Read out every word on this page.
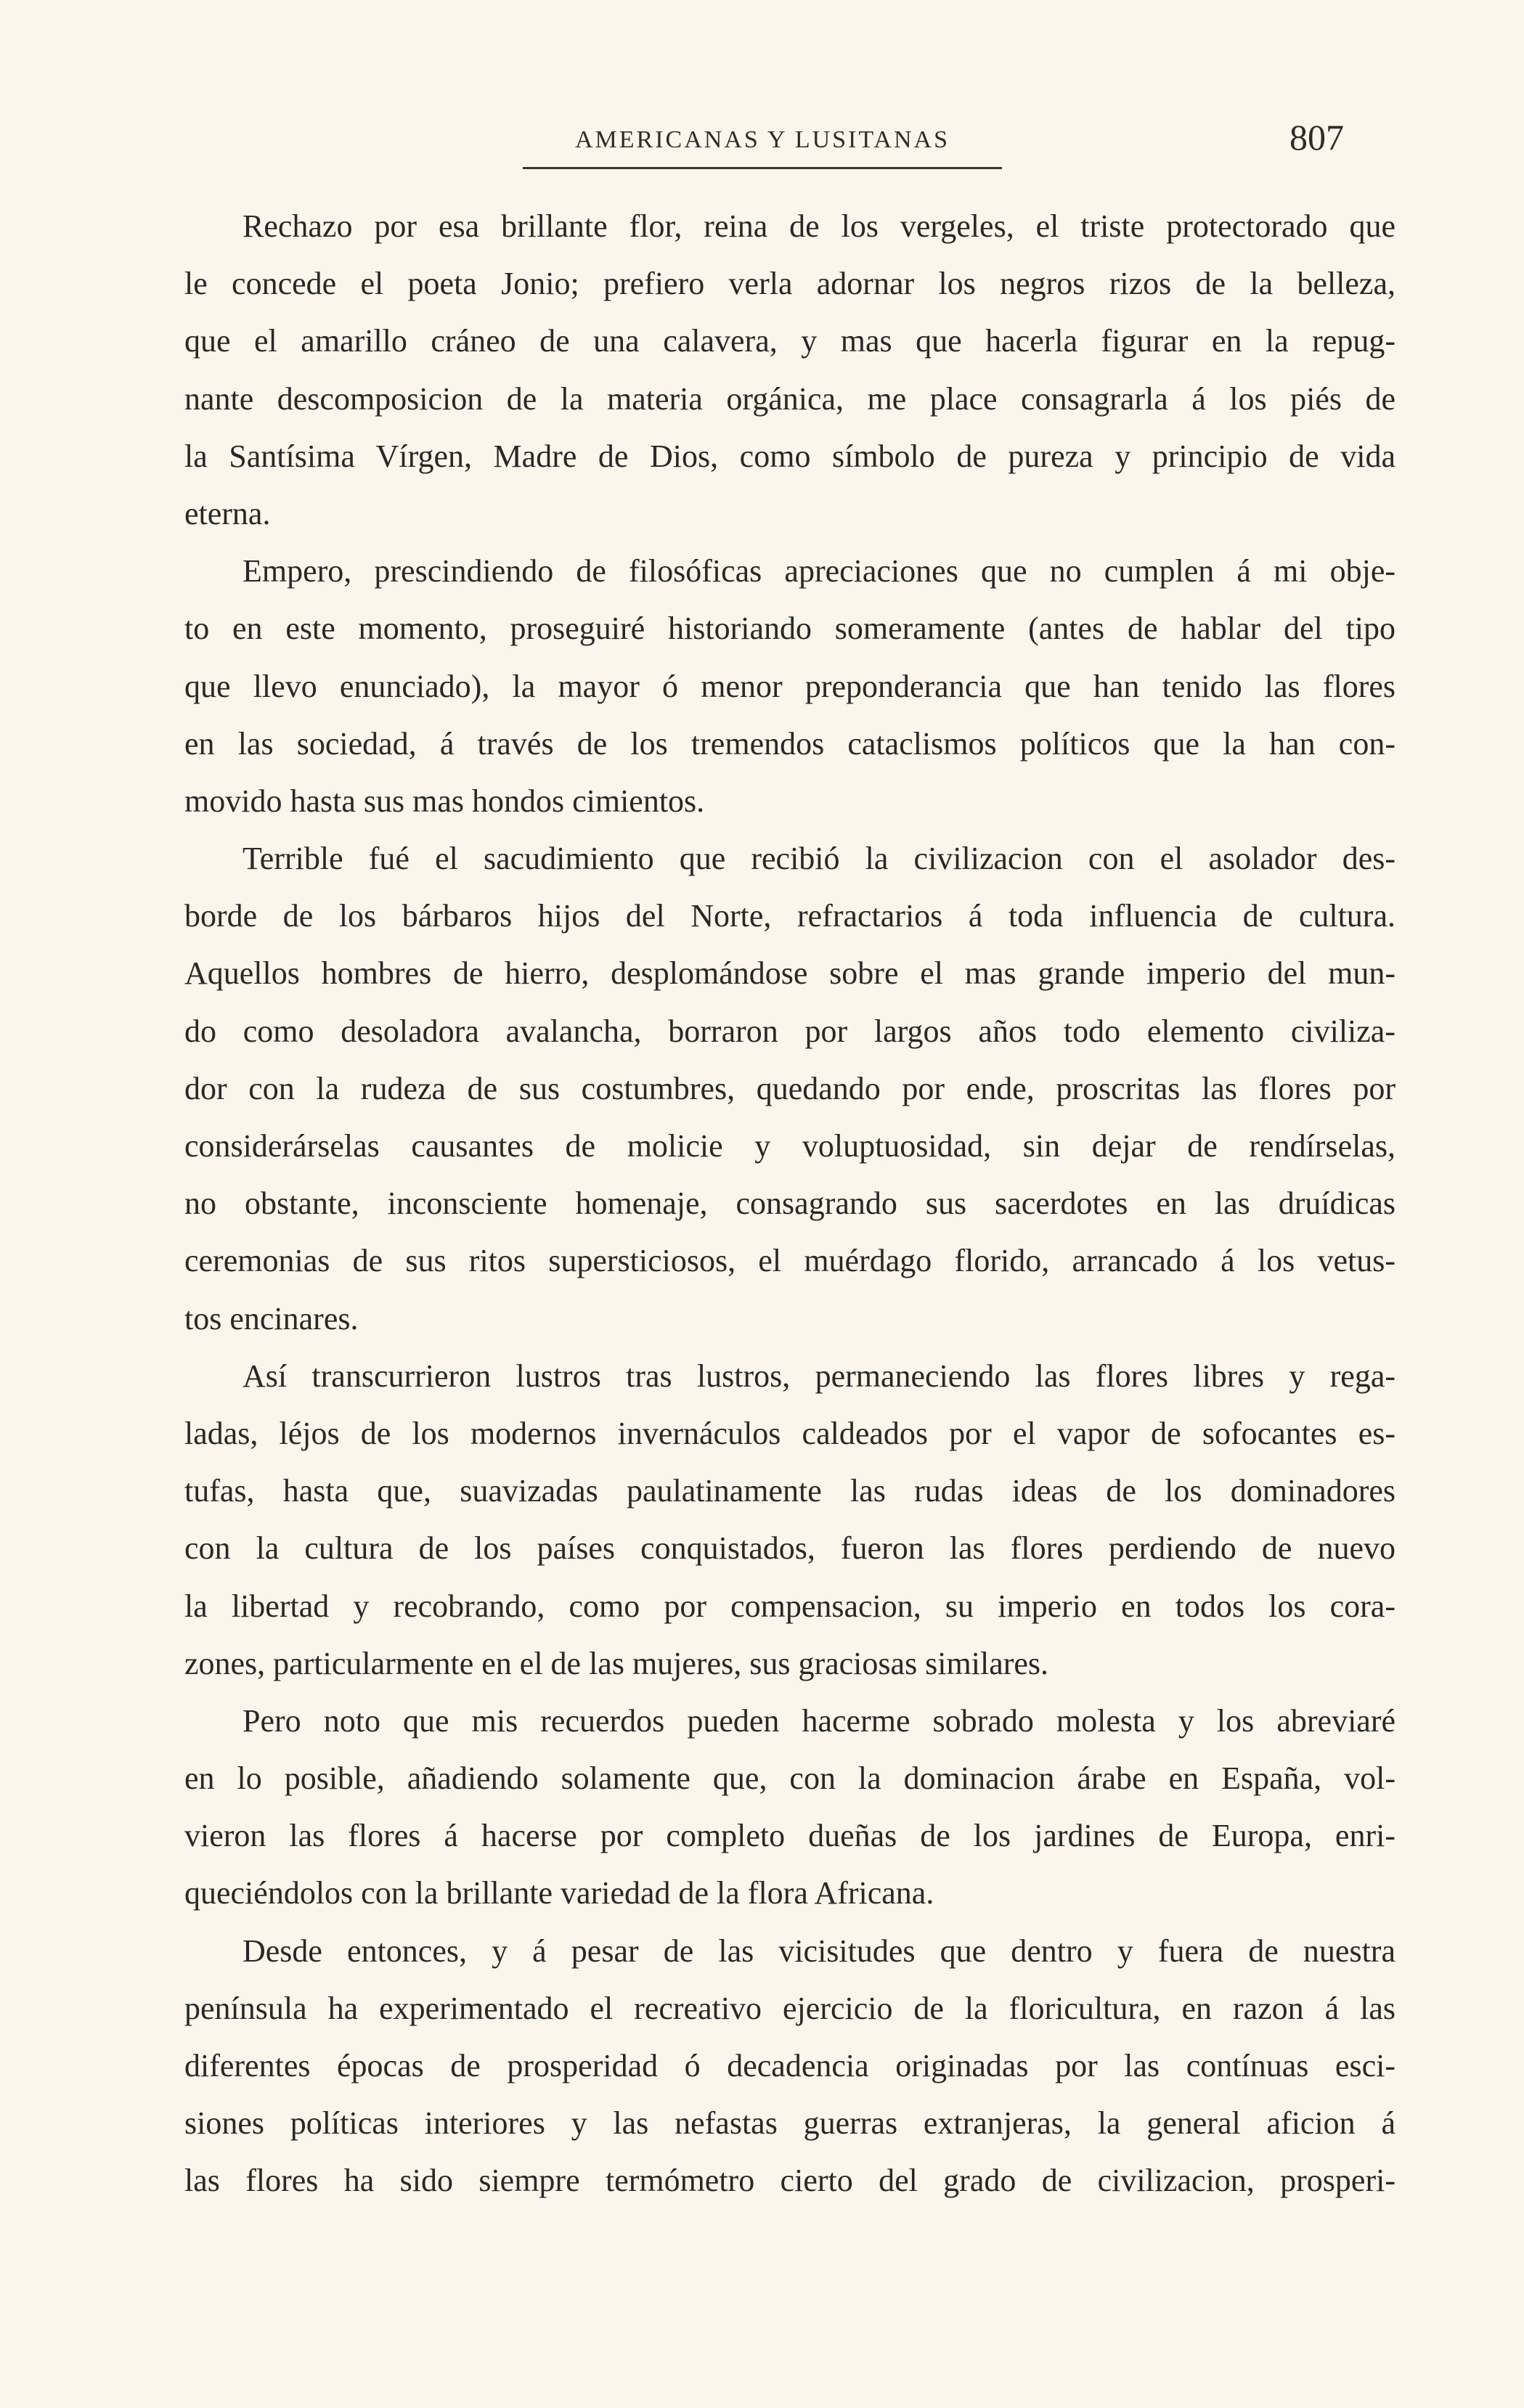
AMERICANAS Y LUSITANAS	807
Rechazo por esa brillante flor, reina de los vergeles, el triste protectorado que
le concede el poeta Jonio; prefiero verla adornar los negros rizos de la belleza,
que el amarillo cráneo de una calavera, y mas que hacerla figurar en la repug-
nante descomposicion de la materia orgánica, me place consagrarla á los piés de
la Santísima Vírgen, Madre de Dios, como símbolo de pureza y principio de vida
eterna.
Empero, prescindiendo de filosóficas apreciaciones que no cumplen á mi obje-
to en este momento, proseguiré historiando someramente (antes de hablar del tipo
que llevo enunciado), la mayor ó menor preponderancia que han tenido las flores
en las sociedad, á través de los tremendos cataclismos políticos que la han con-
movido hasta sus mas hondos cimientos.
Terrible fué el sacudimiento que recibió la civilizacion con el asolador des-
borde de los bárbaros hijos del Norte, refractarios á toda influencia de cultura.
Aquellos hombres de hierro, desplomándose sobre el mas grande imperio del mun-
do como desoladora avalancha, borraron por largos años todo elemento civiliza-
dor con la rudeza de sus costumbres, quedando por ende, proscritas las flores por
considerárselas causantes de molicie y voluptuosidad, sin dejar de rendírselas,
no obstante, inconsciente homenaje, consagrando sus sacerdotes en las druídicas
ceremonias de sus ritos supersticiosos, el muérdago florido, arrancado á los vetus-
tos encinares.
Así transcurrieron lustros tras lustros, permaneciendo las flores libres y rega-
ladas, léjos de los modernos invernáculos caldeados por el vapor de sofocantes es-
tufas, hasta que, suavizadas paulatinamente las rudas ideas de los dominadores
con la cultura de los países conquistados, fueron las flores perdiendo de nuevo
la libertad y recobrando, como por compensacion, su imperio en todos los cora-
zones, particularmente en el de las mujeres, sus graciosas similares.
Pero noto que mis recuerdos pueden hacerme sobrado molesta y los abreviaré
en lo posible, añadiendo solamente que, con la dominacion árabe en España, vol-
vieron las flores á hacerse por completo dueñas de los jardines de Europa, enri-
queciéndolos con la brillante variedad de la flora Africana.
Desde entonces, y á pesar de las vicisitudes que dentro y fuera de nuestra
península ha experimentado el recreativo ejercicio de la floricultura, en razon á las
diferentes épocas de prosperidad ó decadencia originadas por las contínuas esci-
siones políticas interiores y las nefastas guerras extranjeras, la general aficion á
las flores ha sido siempre termómetro cierto del grado de civilizacion, prosperi-
